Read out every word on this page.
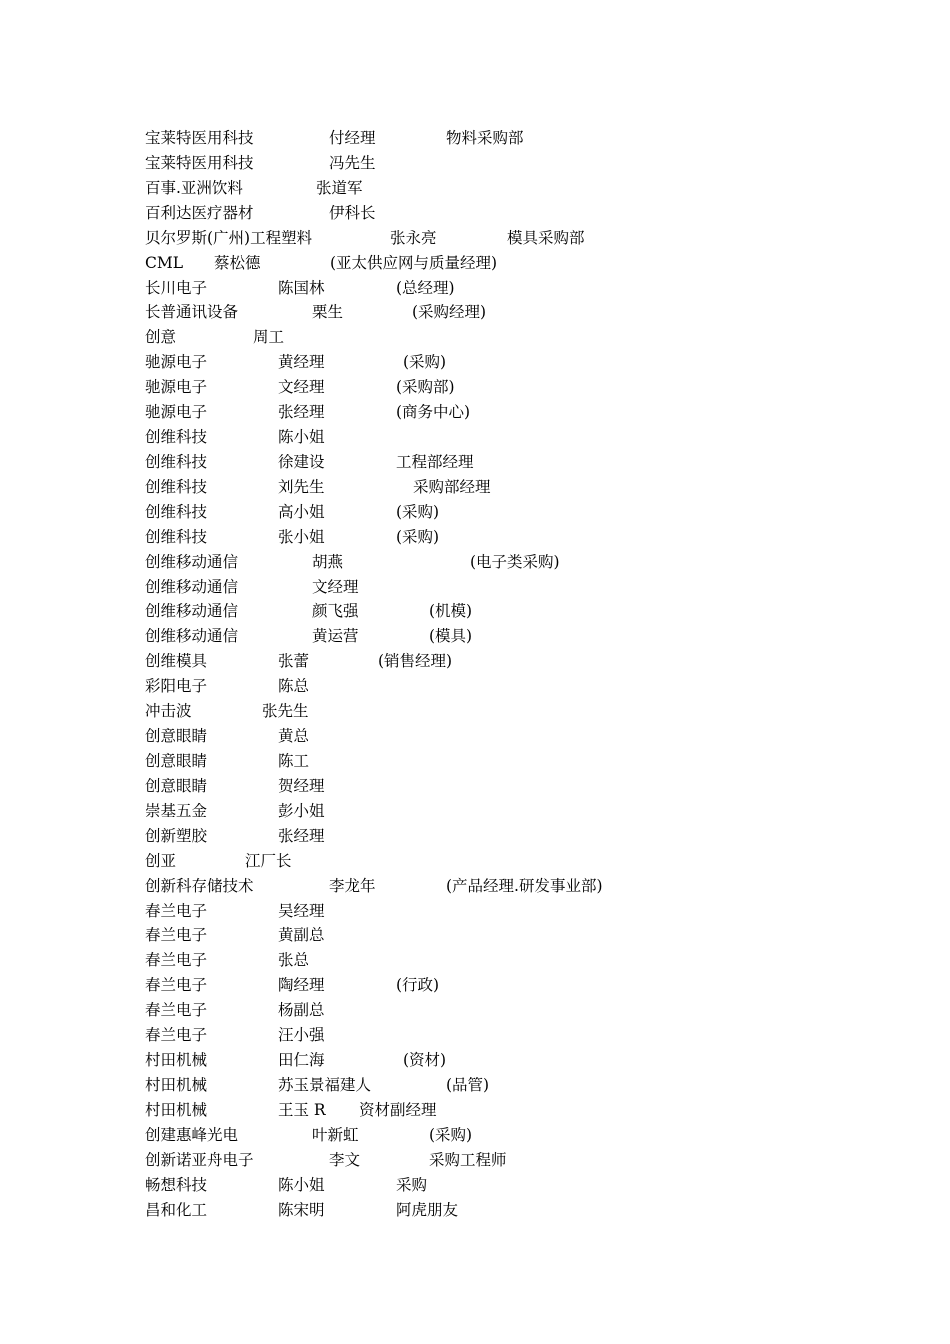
宝莱特医用科技	付经理	物料采购部
宝莱特医用科技	冯先生
百事.亚洲饮料	张道军
百利达医疗器材	伊科长
贝尔罗斯(广州)工程塑料	张永亮	模具采购部
CML 蔡松德	(亚太供应网与质量经理)
长川电子	陈国林	(总经理)
长普通讯设备	栗生	(采购经理)
创意	周工
驰源电子	黄经理	(采购)
驰源电子	文经理	(采购部)
驰源电子	张经理	(商务中心)
创维科技	陈小姐
创维科技	徐建设	工程部经理
创维科技	刘先生	采购部经理
创维科技	高小姐	(采购)
创维科技	张小姐	(采购)
创维移动通信	胡燕	(电子类采购)
创维移动通信	文经理
创维移动通信	颜飞强	(机模)
创维移动通信	黄运营	(模具)
创维模具	张蕾	(销售经理)
彩阳电子	陈总
冲击波	张先生
创意眼睛	黄总
创意眼睛	陈工
创意眼睛	贺经理
崇基五金	彭小姐
创新塑胶	张经理
创亚	江厂长
创新科存储技术	李龙年	(产品经理.研发事业部)
春兰电子	吴经理
春兰电子	黄副总
春兰电子	张总
春兰电子	陶经理	(行政)
春兰电子	杨副总
春兰电子	汪小强
村田机械	田仁海	(资材)
村田机械	苏玉景福建人	(品管)
村田机械	王玉 R 资材副经理
创建惠峰光电	叶新虹	(采购)
创新诺亚舟电子	李文	采购工程师
畅想科技	陈小姐	采购
昌和化工	陈宋明	阿虎朋友
